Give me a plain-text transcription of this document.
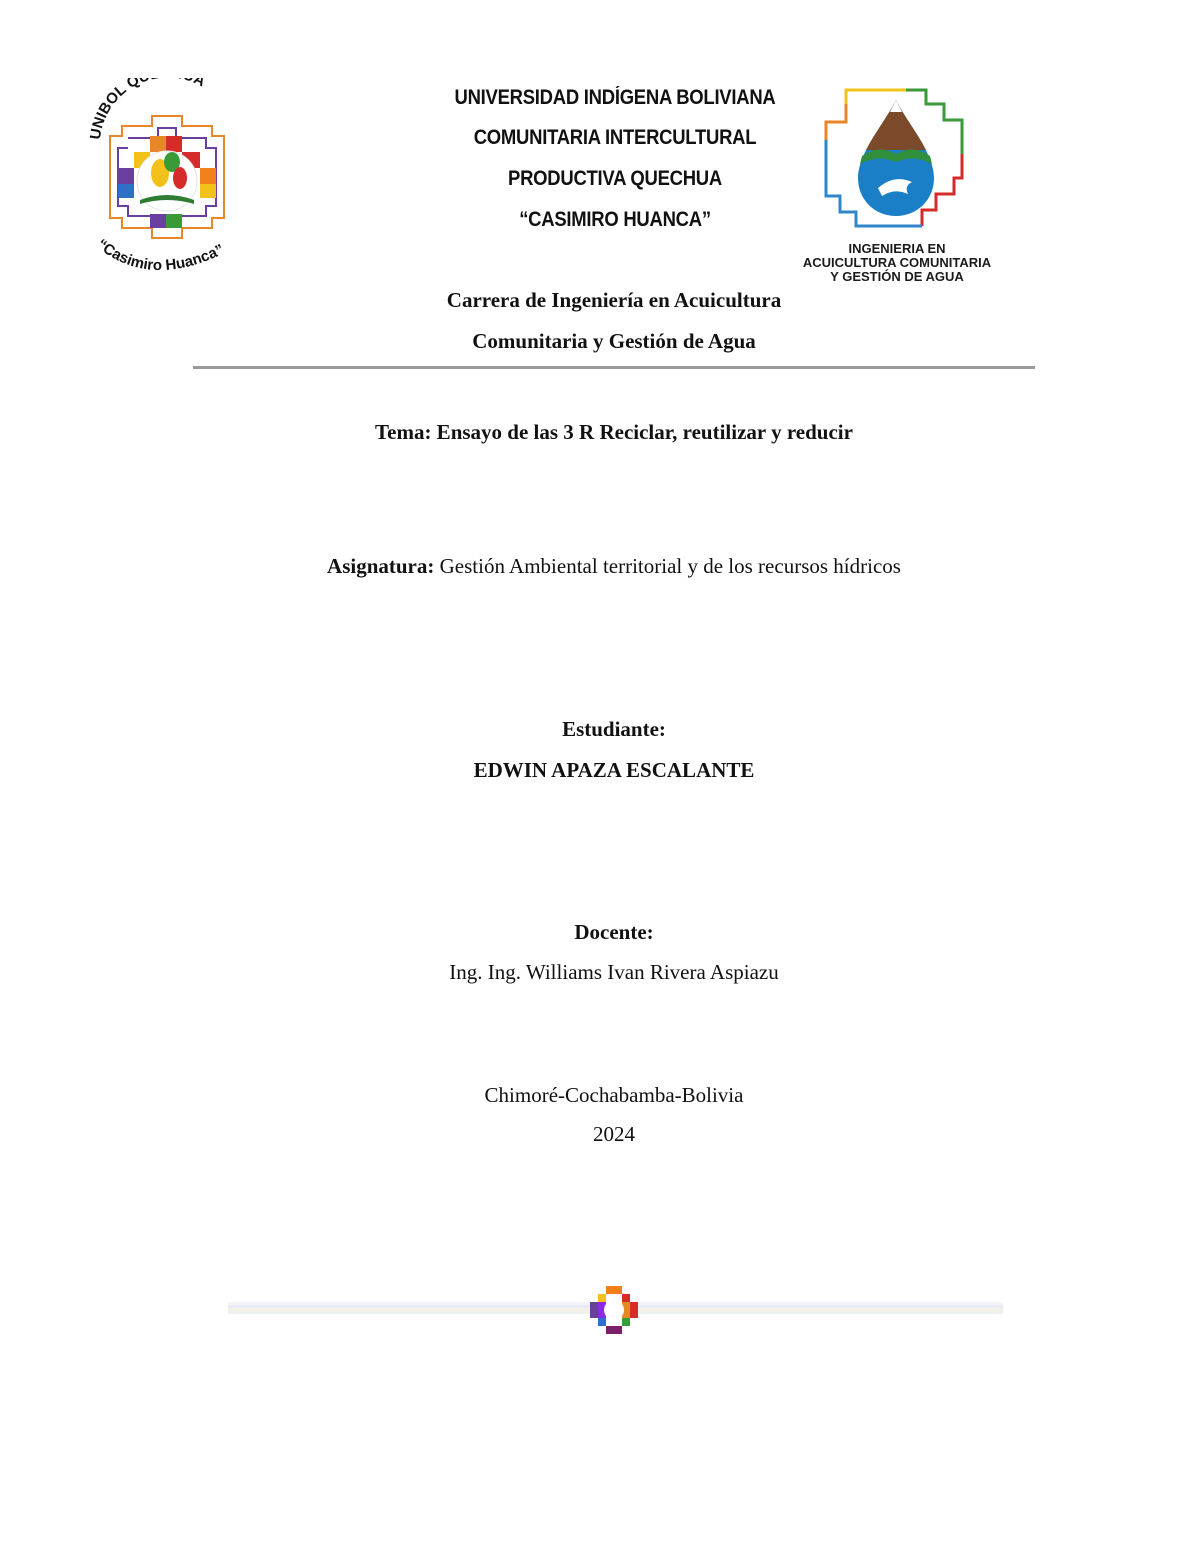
UNIBOL Q A
“Casimiro Huanca”
UNIVERSIDAD INDÍGENA BOLIVIANA
COMUNITARIA INTERCULTURAL
PRODUCTIVA QUECHUA
“CASIMIRO HUANCA”
INGENIERIA EN
ACUICULTURA COMUNITARIA
Y GESTIÓN DE AGUA
Carrera de Ingeniería en Acuicultura
Comunitaria y Gestión de Agua
Tema: Ensayo de las 3 R Reciclar, reutilizar y reducir
Asignatura: Gestión Ambiental territorial y de los recursos hídricos
Estudiante:
EDWIN APAZA ESCALANTE
Docente:
Ing. Ing. Williams Ivan Rivera Aspiazu
Chimoré-Cochabamba-Bolivia
2024
